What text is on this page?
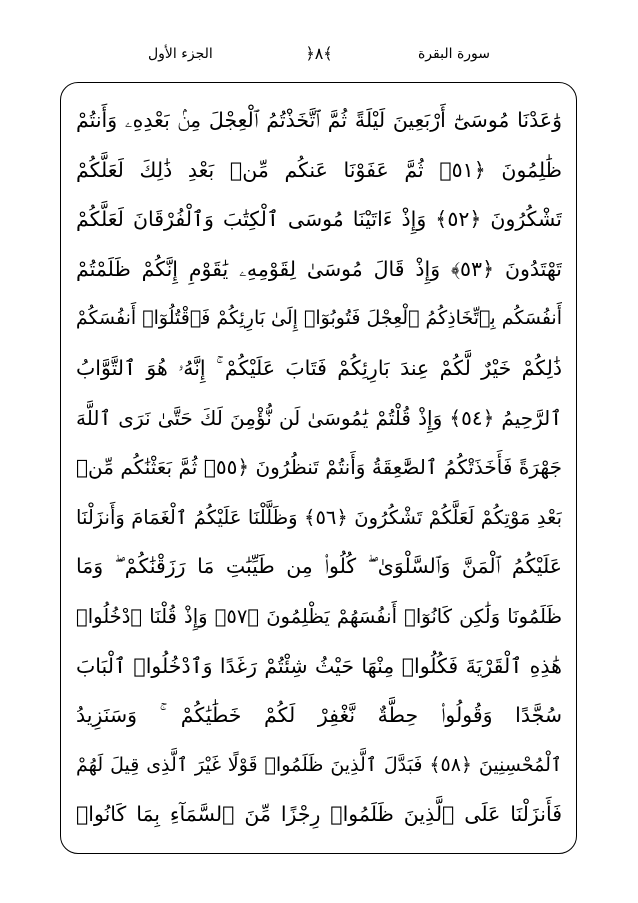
الجزء الأول	﴿٨﴾	سورة البقرة
وَٰعَدْنَا مُوسَىٰٓ أَرْبَعِينَ لَيْلَةً ثُمَّ ٱتَّخَذْتُمُ ٱلْعِجْلَ مِنۢ بَعْدِهِۦ وَأَنتُمْ
ظَٰلِمُونَ ﴿٥١﴾ ثُمَّ عَفَوْنَا عَنكُم مِّنۢ بَعْدِ ذَٰلِكَ لَعَلَّكُمْ
تَشْكُرُونَ ﴿٥٢﴾ وَإِذْ ءَاتَيْنَا مُوسَى ٱلْكِتَٰبَ وَٱلْفُرْقَانَ لَعَلَّكُمْ
تَهْتَدُونَ ﴿٥٣﴾ وَإِذْ قَالَ مُوسَىٰ لِقَوْمِهِۦ يَٰقَوْمِ إِنَّكُمْ ظَلَمْتُمْ
أَنفُسَكُم بِٱتِّخَاذِكُمُ ٱلْعِجْلَ فَتُوبُوٓا۟ إِلَىٰ بَارِئِكُمْ فَٱقْتُلُوٓا۟ أَنفُسَكُمْ
ذَٰلِكُمْ خَيْرٌ لَّكُمْ عِندَ بَارِئِكُمْ فَتَابَ عَلَيْكُمْ ۚ إِنَّهُۥ هُوَ ٱلتَّوَّابُ
ٱلرَّحِيمُ ﴿٥٤﴾ وَإِذْ قُلْتُمْ يَٰمُوسَىٰ لَن نُّؤْمِنَ لَكَ حَتَّىٰ نَرَى ٱللَّهَ
جَهْرَةً فَأَخَذَتْكُمُ ٱلصَّٰعِقَةُ وَأَنتُمْ تَنظُرُونَ ﴿٥٥﴾ ثُمَّ بَعَثْنَٰكُم مِّنۢ
بَعْدِ مَوْتِكُمْ لَعَلَّكُمْ تَشْكُرُونَ ﴿٥٦﴾ وَظَلَّلْنَا عَلَيْكُمُ ٱلْغَمَامَ وَأَنزَلْنَا
عَلَيْكُمُ ٱلْمَنَّ وَٱلسَّلْوَىٰ ۖ كُلُوا۟ مِن طَيِّبَٰتِ مَا رَزَقْنَٰكُمْ ۖ وَمَا
ظَلَمُونَا وَلَٰكِن كَانُوٓا۟ أَنفُسَهُمْ يَظْلِمُونَ ﴿٥٧﴾ وَإِذْ قُلْنَا ٱدْخُلُوا۟
هَٰذِهِ ٱلْقَرْيَةَ فَكُلُوا۟ مِنْهَا حَيْثُ شِئْتُمْ رَغَدًا وَٱدْخُلُوا۟ ٱلْبَابَ
سُجَّدًا وَقُولُوا۟ حِطَّةٌ نَّغْفِرْ لَكُمْ خَطَٰيَٰكُمْ ۚ وَسَنَزِيدُ
ٱلْمُحْسِنِينَ ﴿٥٨﴾ فَبَدَّلَ ٱلَّذِينَ ظَلَمُوا۟ قَوْلًا غَيْرَ ٱلَّذِى قِيلَ لَهُمْ
فَأَنزَلْنَا عَلَى ٱلَّذِينَ ظَلَمُوا۟ رِجْزًا مِّنَ ٱلسَّمَآءِ بِمَا كَانُوا۟
